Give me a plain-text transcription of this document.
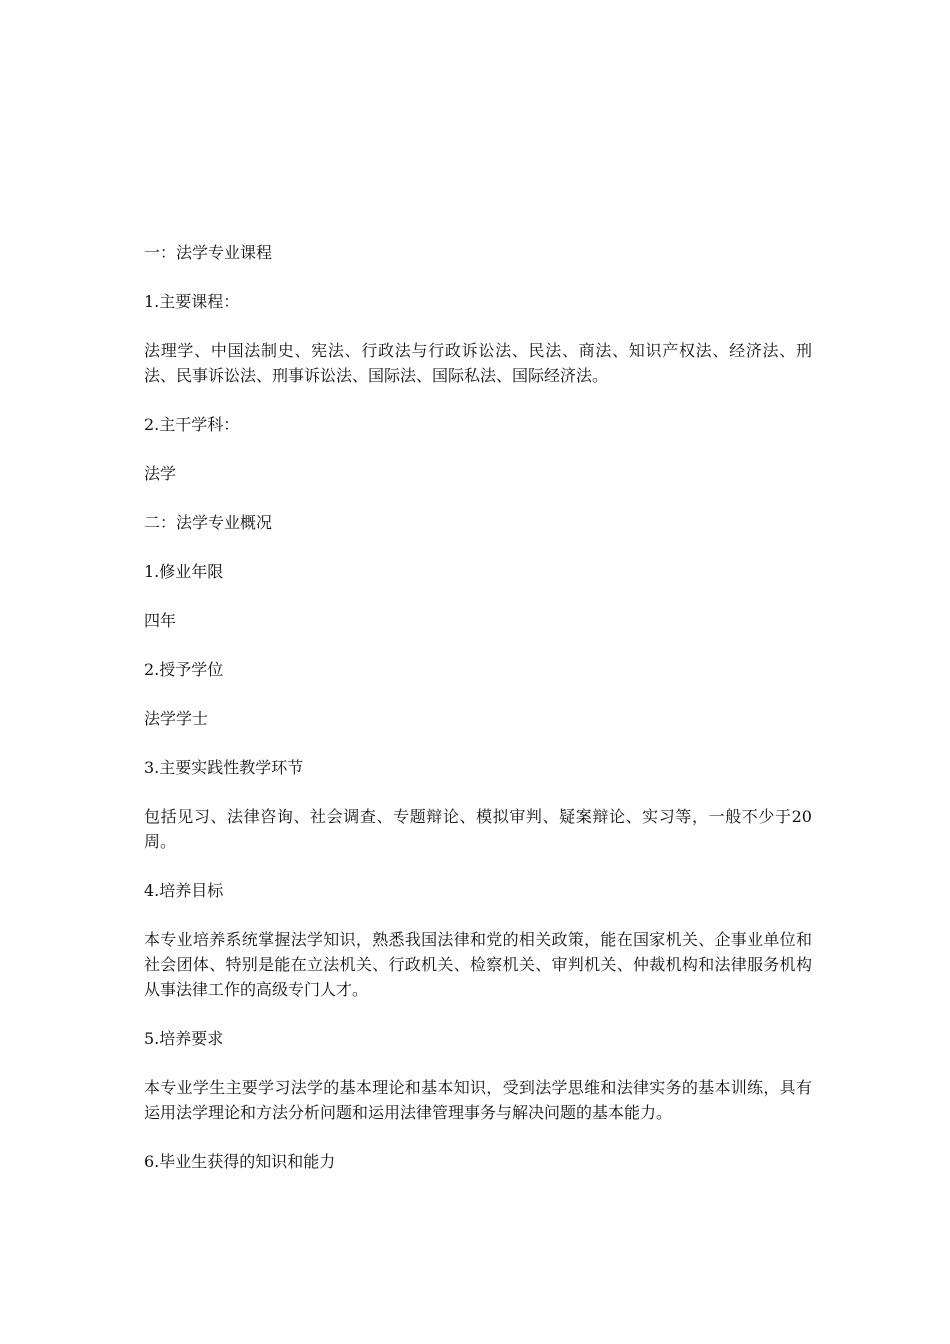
一：法学专业课程
1.主要课程：
法理学、中国法制史、宪法、行政法与行政诉讼法、民法、商法、知识产权法、经济法、刑法、民事诉讼法、刑事诉讼法、国际法、国际私法、国际经济法。
2.主干学科：
法学
二：法学专业概况
1.修业年限
四年
2.授予学位
法学学士
3.主要实践性教学环节
包括见习、法律咨询、社会调查、专题辩论、模拟审判、疑案辩论、实习等，一般不少于20周。
4.培养目标
本专业培养系统掌握法学知识，熟悉我国法律和党的相关政策，能在国家机关、企事业单位和社会团体、特别是能在立法机关、行政机关、检察机关、审判机关、仲裁机构和法律服务机构从事法律工作的高级专门人才。
5.培养要求
本专业学生主要学习法学的基本理论和基本知识，受到法学思维和法律实务的基本训练，具有运用法学理论和方法分析问题和运用法律管理事务与解决问题的基本能力。
6.毕业生获得的知识和能力
